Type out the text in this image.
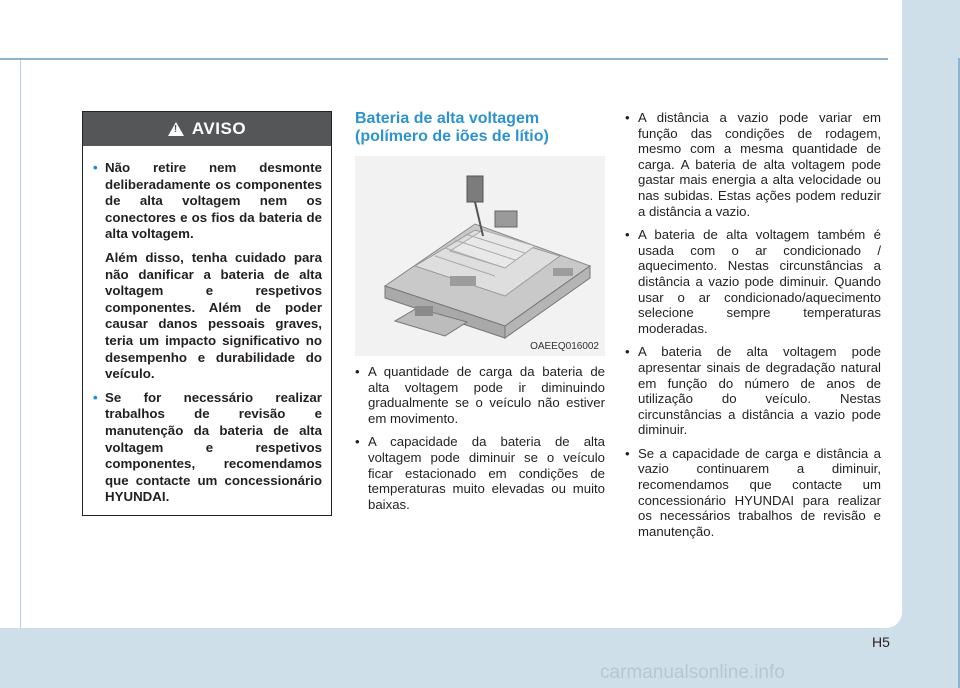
!
AVISO
• Não retire nem desmonte deliberadamente os componentes de alta voltagem nem os conectores e os fios da bateria de alta voltagem.
Além disso, tenha cuidado para não danificar a bateria de alta voltagem e respetivos componentes. Além de poder causar danos pessoais graves, teria um impacto significativo no desempenho e durabilidade do veículo.
• Se for necessário realizar trabalhos de revisão e manutenção da bateria de alta voltagem e respetivos componentes, recomendamos que contacte um concessionário HYUNDAI.
Bateria de alta voltagem
(polímero de iões de lítio)
OAEEQ016002
• A quantidade de carga da bateria de alta voltagem pode ir diminuindo gradualmente se o veículo não estiver em movimento.
• A capacidade da bateria de alta voltagem pode diminuir se o veículo ficar estacionado em condições de temperaturas muito elevadas ou muito baixas.
• A distância a vazio pode variar em função das condições de rodagem, mesmo com a mesma quantidade de carga. A bateria de alta voltagem pode gastar mais energia a alta velocidade ou nas subidas. Estas ações podem reduzir a distância a vazio.
• A bateria de alta voltagem também é usada com o ar condicionado / aquecimento. Nestas circunstâncias a distância a vazio pode diminuir. Quando usar o ar condicionado/aquecimento selecione sempre temperaturas moderadas.
• A bateria de alta voltagem pode apresentar sinais de degradação natural em função do número de anos de utilização do veículo. Nestas circunstâncias a distância a vazio pode diminuir.
• Se a capacidade de carga e distância a vazio continuarem a diminuir, recomendamos que contacte um concessionário HYUNDAI para realizar os necessários trabalhos de revisão e manutenção.
H5
carmanualsonline.info
